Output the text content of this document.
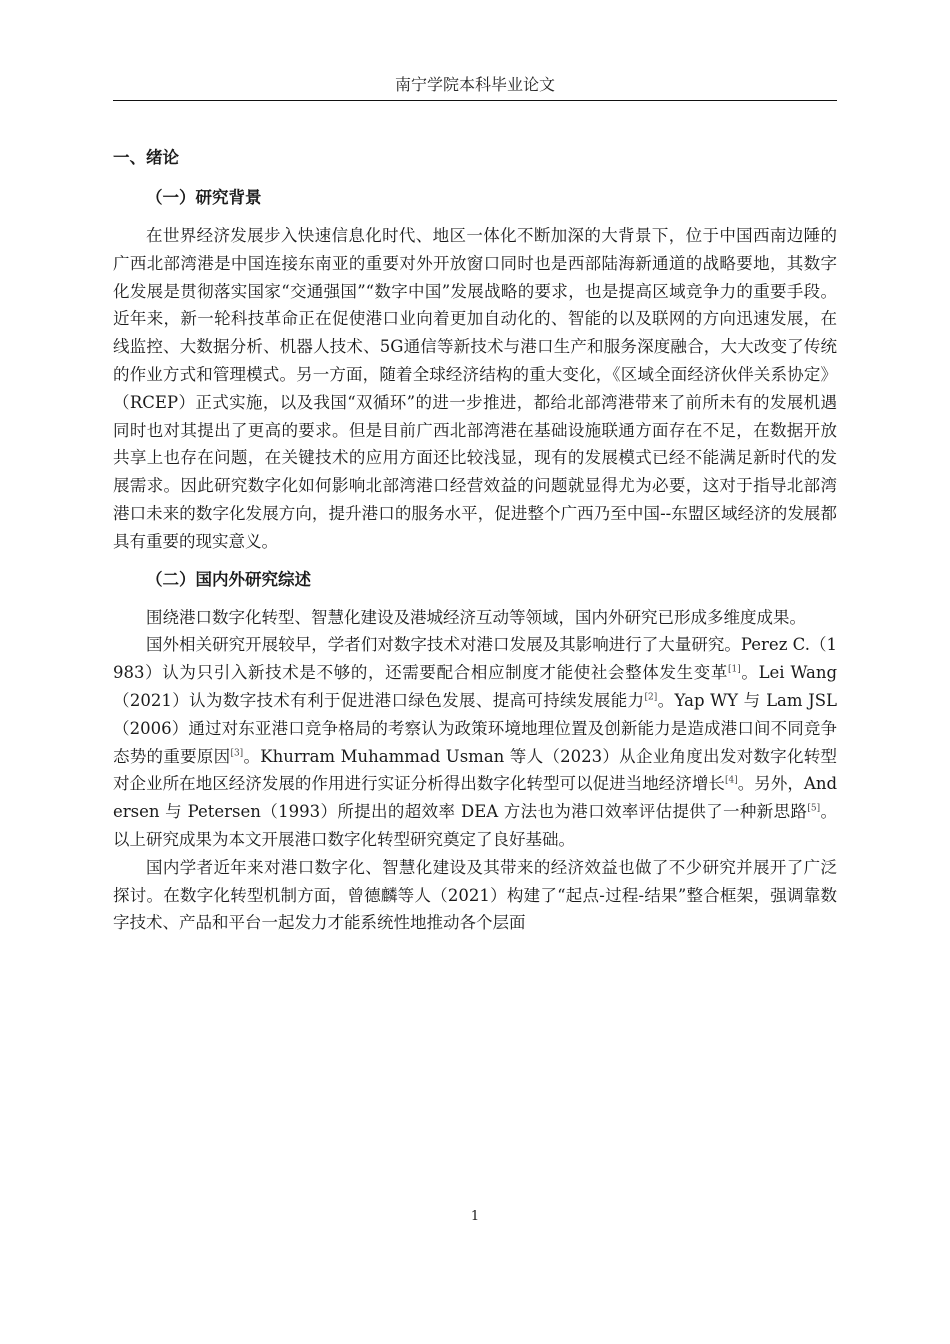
南宁学院本科毕业论文
一、绪论
（一）研究背景

在世界经济发展步入快速信息化时代、地区一体化不断加深的大背景下，位于中国西南边陲的广西北部湾港是中国连接东南亚的重要对外开放窗口同时也是西部陆海新通道的战略要地，其数字化发展是贯彻落实国家“交通强国”“数字中国”发展战略的要求，也是提高区域竞争力的重要手段。近年来，新一轮科技革命正在促使港口业向着更加自动化的、智能的以及联网的方向迅速发展，在线监控、大数据分析、机器人技术、5G通信等新技术与港口生产和服务深度融合，大大改变了传统的作业方式和管理模式。另一方面，随着全球经济结构的重大变化，《区域全面经济伙伴关系协定》（RCEP）正式实施，以及我国“双循环”的进一步推进，都给北部湾港带来了前所未有的发展机遇同时也对其提出了更高的要求。但是目前广西北部湾港在基础设施联通方面存在不足，在数据开放共享上也存在问题，在关键技术的应用方面还比较浅显，现有的发展模式已经不能满足新时代的发展需求。因此研究数字化如何影响北部湾港口经营效益的问题就显得尤为必要，这对于指导北部湾港口未来的数字化发展方向，提升港口的服务水平，促进整个广西乃至中国--东盟区域经济的发展都具有重要的现实意义。

（二）国内外研究综述

围绕港口数字化转型、智慧化建设及港城经济互动等领域，国内外研究已形成多维度成果。

国外相关研究开展较早，学者们对数字技术对港口发展及其影响进行了大量研究。Perez C.（1983）认为只引入新技术是不够的，还需要配合相应制度才能使社会整体发生变革[1]。Lei Wang（2021）认为数字技术有利于促进港口绿色发展、提高可持续发展能力[2]。Yap WY 与 Lam JSL（2006）通过对东亚港口竞争格局的考察认为政策环境地理位置及创新能力是造成港口间不同竞争态势的重要原因[3]。Khurram Muhammad Usman 等人（2023）从企业角度出发对数字化转型对企业所在地区经济发展的作用进行实证分析得出数字化转型可以促进当地经济增长[4]。另外，Andersen 与 Petersen（1993）所提出的超效率 DEA 方法也为港口效率评估提供了一种新思路[5]。以上研究成果为本文开展港口数字化转型研究奠定了良好基础。

国内学者近年来对港口数字化、智慧化建设及其带来的经济效益也做了不少研究并展开了广泛探讨。在数字化转型机制方面，曾德麟等人（2021）构建了“起点-过程-结果”整合框架，强调靠数字技术、产品和平台一起发力才能系统性地推动各个层面

1
